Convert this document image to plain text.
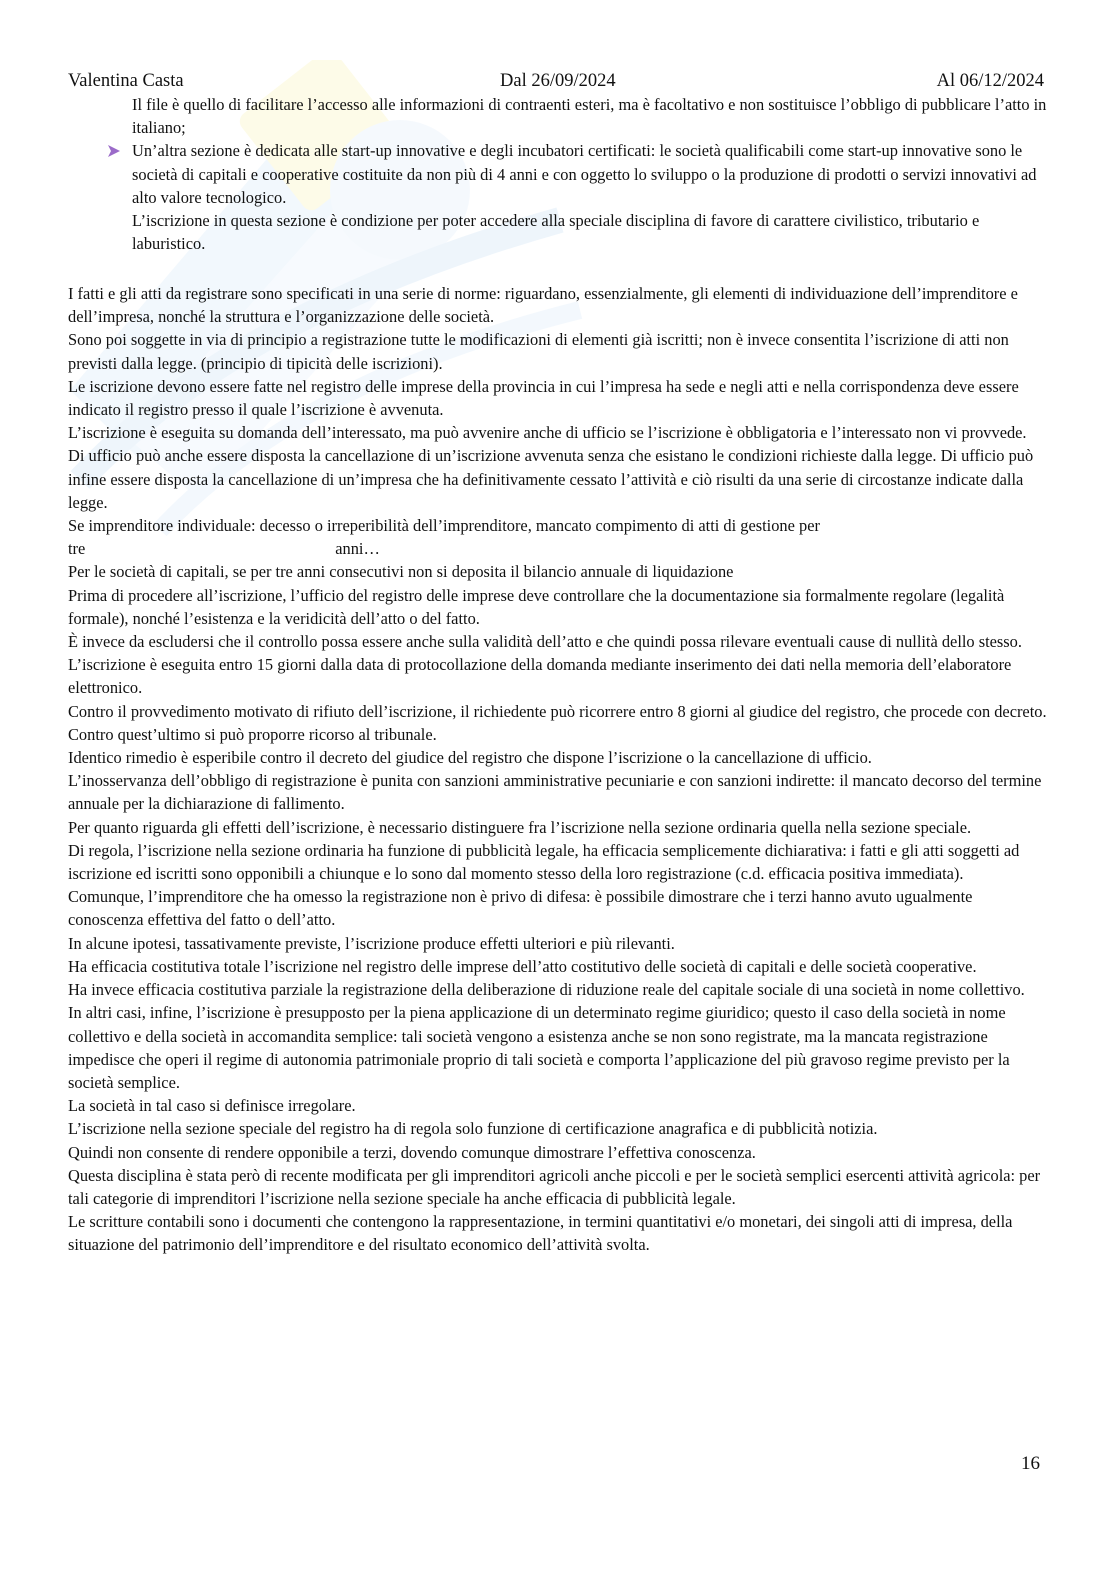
Valentina Casta	Dal 26/09/2024	Al 06/12/2024

Il file è quello di facilitare l’accesso alle informazioni di contraenti esteri, ma è facoltativo e non sostituisce l’obbligo di pubblicare l’atto in italiano;

Un’altra sezione è dedicata alle start-up innovative e degli incubatori certificati: le società qualificabili come start-up innovative sono le società di capitali e cooperative costituite da non più di 4 anni e con oggetto lo sviluppo o la produzione di prodotti o servizi innovativi ad alto valore tecnologico.

L’iscrizione in questa sezione è condizione per poter accedere alla speciale disciplina di favore di carattere civilistico, tributario e laburistico.

I fatti e gli atti da registrare sono specificati in una serie di norme: riguardano, essenzialmente, gli elementi di individuazione dell’imprenditore e dell’impresa, nonché la struttura e l’organizzazione delle società.

Sono poi soggette in via di principio a registrazione tutte le modificazioni di elementi già iscritti; non è invece consentita l’iscrizione di atti non previsti dalla legge. (principio di tipicità delle iscrizioni).

Le iscrizione devono essere fatte nel registro delle imprese della provincia in cui l’impresa ha sede e negli atti e nella corrispondenza deve essere indicato il registro presso il quale l’iscrizione è avvenuta.

L’iscrizione è eseguita su domanda dell’interessato, ma può avvenire anche di ufficio se l’iscrizione è obbligatoria e l’interessato non vi provvede.

Di ufficio può anche essere disposta la cancellazione di un’iscrizione avvenuta senza che esistano le condizioni richieste dalla legge. Di ufficio può infine essere disposta la cancellazione di un’impresa che ha definitivamente cessato l’attività e ciò risulti da una serie di circostanze indicate dalla legge.

Se imprenditore individuale: decesso o irreperibilità dell’imprenditore, mancato compimento di atti di gestione per tre                                                             anni…

Per le società di capitali, se per tre anni consecutivi non si deposita il bilancio annuale di liquidazione

Prima di procedere all’iscrizione, l’ufficio del registro delle imprese deve controllare che la documentazione sia formalmente regolare (legalità formale), nonché l’esistenza e la veridicità dell’atto o del fatto.

È invece da escludersi che il controllo possa essere anche sulla validità dell’atto e che quindi possa rilevare eventuali cause di nullità dello stesso.

L’iscrizione è eseguita entro 15 giorni dalla data di protocollazione della domanda mediante inserimento dei dati nella memoria dell’elaboratore elettronico.

Contro il provvedimento motivato di rifiuto dell’iscrizione, il richiedente può ricorrere entro 8 giorni al giudice del registro, che procede con decreto.

Contro quest’ultimo si può proporre ricorso al tribunale.

Identico rimedio è esperibile contro il decreto del giudice del registro che dispone l’iscrizione o la cancellazione di ufficio.

L’inosservanza dell’obbligo di registrazione è punita con sanzioni amministrative pecuniarie e con sanzioni indirette: il mancato decorso del termine annuale per la dichiarazione di fallimento.

Per quanto riguarda gli effetti dell’iscrizione, è necessario distinguere fra l’iscrizione nella sezione ordinaria quella nella sezione speciale.

Di regola, l’iscrizione nella sezione ordinaria ha funzione di pubblicità legale, ha efficacia semplicemente dichiarativa: i fatti e gli atti soggetti ad iscrizione ed iscritti sono opponibili a chiunque e lo sono dal momento stesso della loro registrazione (c.d. efficacia positiva immediata).

Comunque, l’imprenditore che ha omesso la registrazione non è privo di difesa: è possibile dimostrare che i terzi hanno avuto ugualmente conoscenza effettiva del fatto o dell’atto.

In alcune ipotesi, tassativamente previste, l’iscrizione produce effetti ulteriori e più rilevanti.

Ha efficacia costitutiva totale l’iscrizione nel registro delle imprese dell’atto costitutivo delle società di capitali e delle società cooperative.

Ha invece efficacia costitutiva parziale la registrazione della deliberazione di riduzione reale del capitale sociale di una società in nome collettivo.

In altri casi, infine, l’iscrizione è presupposto per la piena applicazione di un determinato regime giuridico; questo il caso della società in nome collettivo e della società in accomandita semplice: tali società vengono a esistenza anche se non sono registrate, ma la mancata registrazione impedisce che operi il regime di autonomia patrimoniale proprio di tali società e comporta l’applicazione del più gravoso regime previsto per la società semplice.

La società in tal caso si definisce irregolare.

L’iscrizione nella sezione speciale del registro ha di regola solo funzione di certificazione anagrafica e di pubblicità notizia.

Quindi non consente di rendere opponibile a terzi, dovendo comunque dimostrare l’effettiva conoscenza.

Questa disciplina è stata però di recente modificata per gli imprenditori agricoli anche piccoli e per le società semplici esercenti attività agricola: per tali categorie di imprenditori l’iscrizione nella sezione speciale ha anche efficacia di pubblicità legale.

Le scritture contabili sono i documenti che contengono la rappresentazione, in termini quantitativi e/o monetari, dei singoli atti di impresa, della situazione del patrimonio dell’imprenditore e del risultato economico dell’attività svolta.

16
